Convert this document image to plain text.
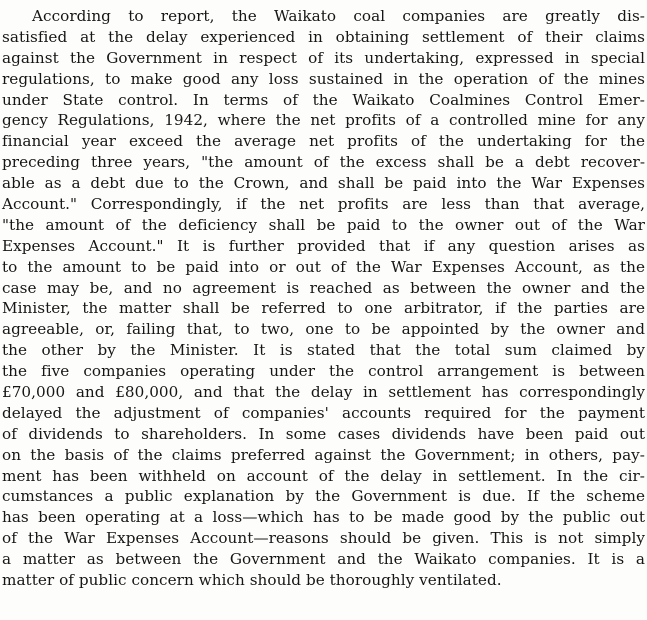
According to report, the Waikato coal companies are greatly dis-
satisfied at the delay experienced in obtaining settlement of their claims
against the Government in respect of its undertaking, expressed in special
regulations, to make good any loss sustained in the operation of the mines
under State control. In terms of the Waikato Coalmines Control Emer-
gency Regulations, 1942, where the net profits of a controlled mine for any
financial year exceed the average net profits of the undertaking for the
preceding three years, "the amount of the excess shall be a debt recover-
able as a debt due to the Crown, and shall be paid into the War Expenses
Account." Correspondingly, if the net profits are less than that average,
"the amount of the deficiency shall be paid to the owner out of the War
Expenses Account." It is further provided that if any question arises as
to the amount to be paid into or out of the War Expenses Account, as the
case may be, and no agreement is reached as between the owner and the
Minister, the matter shall be referred to one arbitrator, if the parties are
agreeable, or, failing that, to two, one to be appointed by the owner and
the other by the Minister. It is stated that the total sum claimed by
the five companies operating under the control arrangement is between
£70,000 and £80,000, and that the delay in settlement has correspondingly
delayed the adjustment of companies' accounts required for the payment
of dividends to shareholders. In some cases dividends have been paid out
on the basis of the claims preferred against the Government; in others, pay-
ment has been withheld on account of the delay in settlement. In the cir-
cumstances a public explanation by the Government is due. If the scheme
has been operating at a loss—which has to be made good by the public out
of the War Expenses Account—reasons should be given. This is not simply
a matter as between the Government and the Waikato companies. It is a
matter of public concern which should be thoroughly ventilated.
